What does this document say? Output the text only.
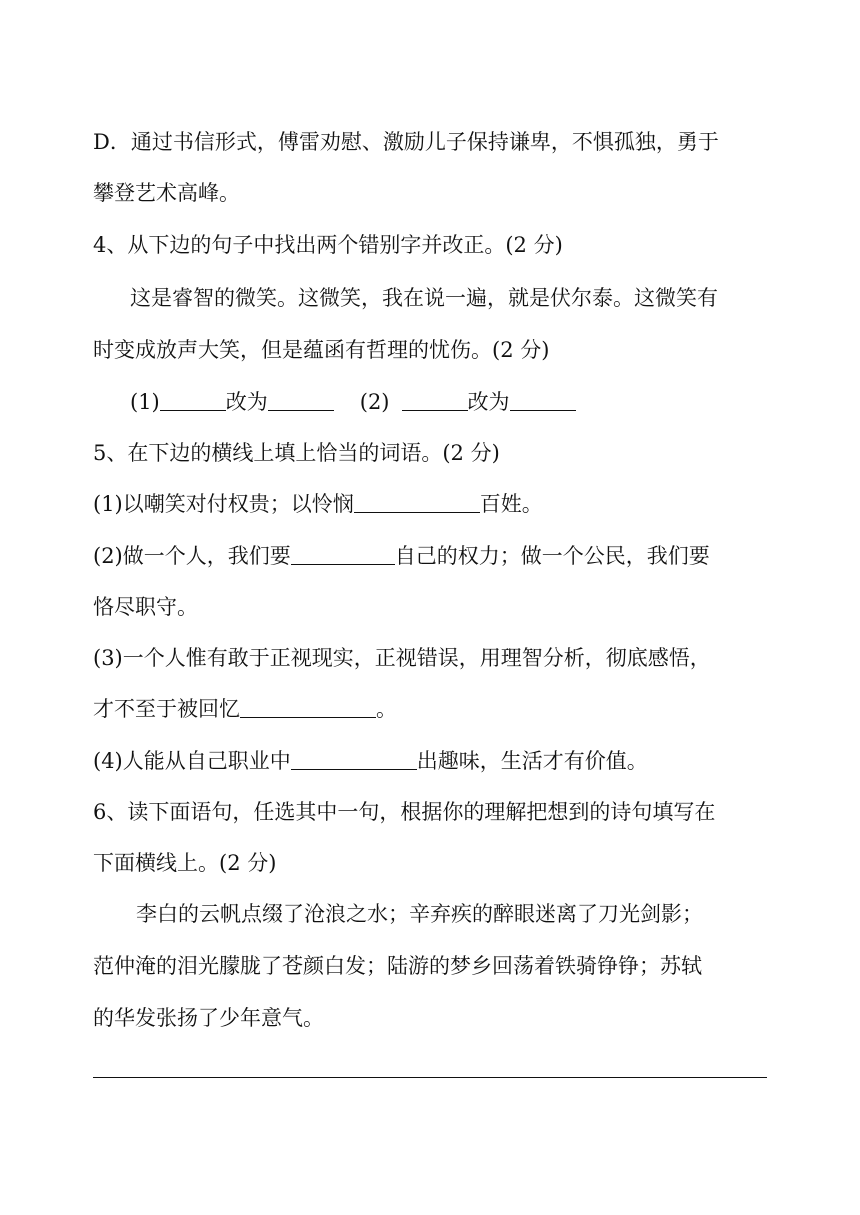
D．通过书信形式，傅雷劝慰、激励儿子保持谦卑，不惧孤独，勇于
攀登艺术高峰。
4、从下边的句子中找出两个错别字并改正。(2 分)
这是睿智的微笑。这微笑，我在说一遍，就是伏尔泰。这微笑有
时变成放声大笑，但是蕴函有哲理的忧伤。(2 分)
(1)	改为	(2)	改为
5、在下边的横线上填上恰当的词语。(2 分)
(1)以嘲笑对付权贵；以怜悯	百姓。
(2)做一个人，我们要	自己的权力；做一个公民，我们要
恪尽职守。
(3)一个人惟有敢于正视现实，正视错误，用理智分析，彻底感悟，
才不至于被回忆	。
(4)人能从自己职业中	出趣味，生活才有价值。
6、读下面语句，任选其中一句，根据你的理解把想到的诗句填写在
下面横线上。(2 分)
李白的云帆点缀了沧浪之水；辛弃疾的醉眼迷离了刀光剑影；
范仲淹的泪光朦胧了苍颜白发；陆游的梦乡回荡着铁骑铮铮；苏轼
的华发张扬了少年意气。
